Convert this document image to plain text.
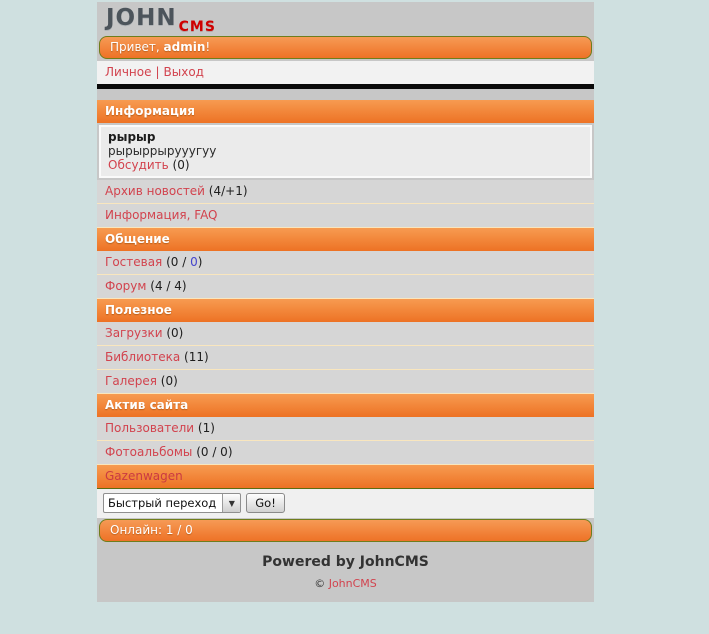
JOHN CMS
Привет, admin!
Личное | Выход
Информация
рырыр
рырыррырууугуу
Обсудить (0)
Архив новостей (4/+1)
Информация, FAQ
Общение
Гостевая (0 / 0)
Форум (4 / 4)
Полезное
Загрузки (0)
Библиотека (11)
Галерея (0)
Актив сайта
Пользователи (1)
Фотоальбомы (0 / 0)
Gazenwagen
Быстрый переход	▼	Go!
Онлайн: 1 / 0
Powered by JohnCMS
© JohnCMS
